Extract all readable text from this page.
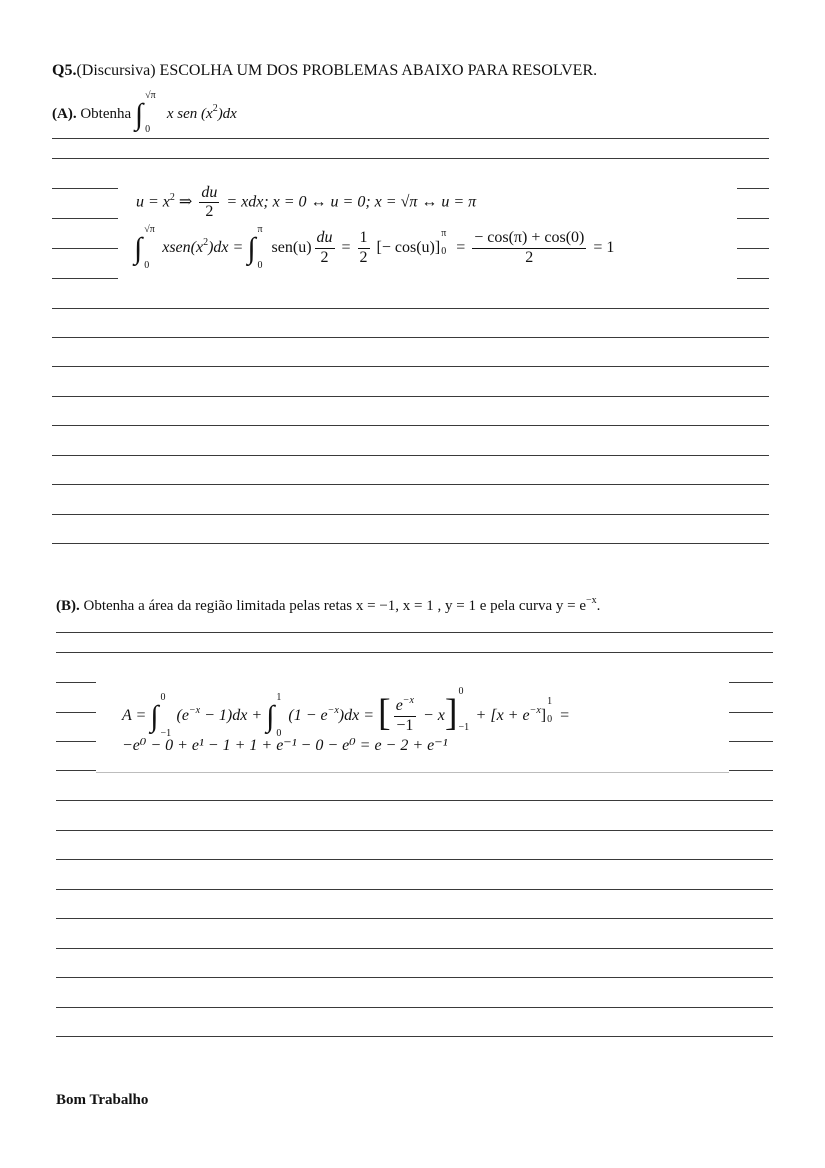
Q5.(Discursiva) ESCOLHA UM DOS PROBLEMAS ABAIXO PARA RESOLVER.
(A). Obtenha ∫
√π
0
x sen $(x^2)dx$
$u = x^2$ ⇒ $\frac{du}{2}$ = xdx; x = 0 ↔ u = 0; x = √π ↔ u = π
∫
√π
0
$xsen(x^2)dx$ = ∫
π
0
$sen(u) \frac{du}{2} = \frac{1}{2}$ [− cos(u)]
π
$0 = \frac{- \cos(\pi) + \cos(0)}{2} = 1$
(B). Obtenha a área da região limitada pelas retas x = −1, x = 1 , y = 1 e pela curva $y = e^{-x}$.
A = ∫
0
−1
$(e^{-x} - 1)dx$ + ∫
1
0
$(1 - e^{-x})dx$ = [ $\frac{e^{-x}}{-1} - x$]
0
−1
+ $[x + e^{-x}]$
1
0 =
−e⁰ − 0 + e¹ − 1 + 1 + e⁻¹ − 0 − e⁰ = e − 2 + e⁻¹
Bom Trabalho
